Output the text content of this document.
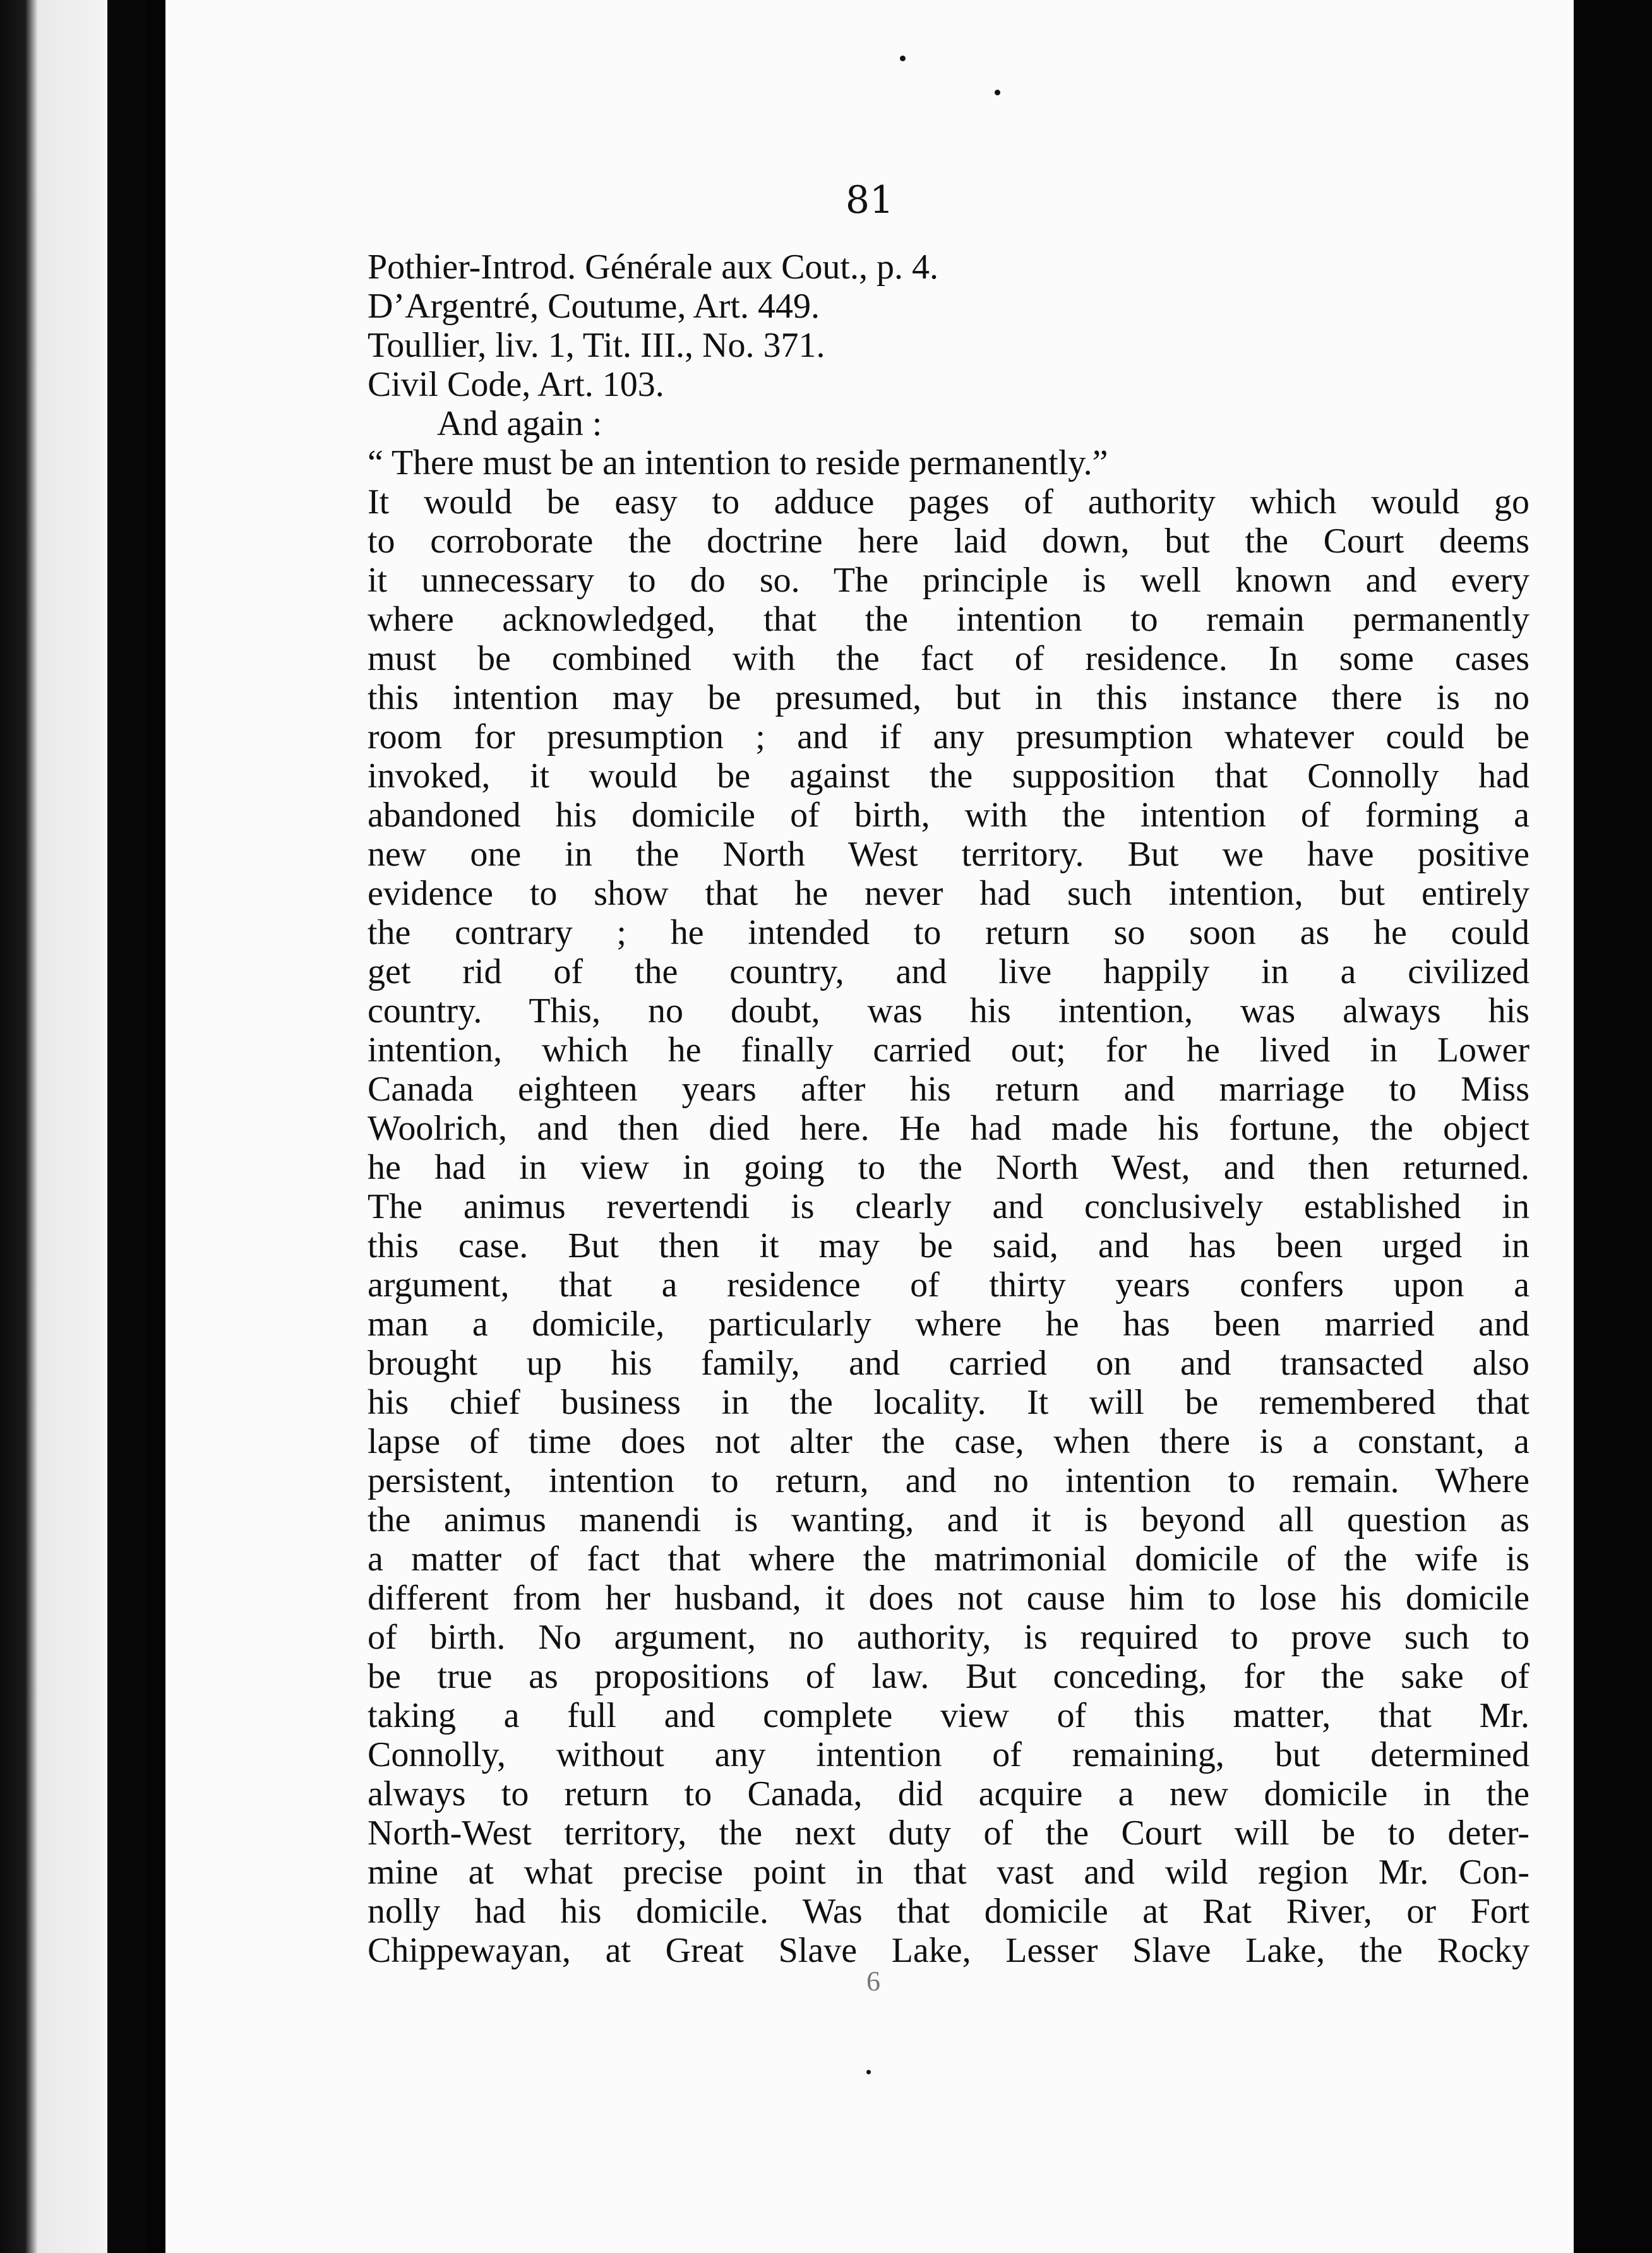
81
Pothier-Introd. Générale aux Cout., p. 4.
D’Argentré, Coutume, Art. 449.
Toullier, liv. 1, Tit. III., No. 371.
Civil Code, Art. 103.
And again :
“ There must be an intention to reside permanently.”
It would be easy to adduce pages of authority which would go
to corroborate the doctrine here laid down, but the Court deems
it unnecessary to do so. The principle is well known and every
where acknowledged, that the intention to remain permanently
must be combined with the fact of residence. In some cases
this intention may be presumed, but in this instance there is no
room for presumption ; and if any presumption whatever could be
invoked, it would be against the supposition that Connolly had
abandoned his domicile of birth, with the intention of forming a
new one in the North West territory. But we have positive
evidence to show that he never had such intention, but entirely
the contrary ; he intended to return so soon as he could
get rid of the country, and live happily in a civilized
country. This, no doubt, was his intention, was always his
intention, which he finally carried out; for he lived in Lower
Canada eighteen years after his return and marriage to Miss
Woolrich, and then died here. He had made his fortune, the object
he had in view in going to the North West, and then returned.
The animus revertendi is clearly and conclusively established in
this case. But then it may be said, and has been urged in
argument, that a residence of thirty years confers upon a
man a domicile, particularly where he has been married and
brought up his family, and carried on and transacted also
his chief business in the locality. It will be remembered that
lapse of time does not alter the case, when there is a constant, a
persistent, intention to return, and no intention to remain. Where
the animus manendi is wanting, and it is beyond all question as
a matter of fact that where the matrimonial domicile of the wife is
different from her husband, it does not cause him to lose his domicile
of birth. No argument, no authority, is required to prove such to
be true as propositions of law. But conceding, for the sake of
taking a full and complete view of this matter, that Mr.
Connolly, without any intention of remaining, but determined
always to return to Canada, did acquire a new domicile in the
North-West territory, the next duty of the Court will be to deter-
mine at what precise point in that vast and wild region Mr. Con-
nolly had his domicile. Was that domicile at Rat River, or Fort
Chippewayan, at Great Slave Lake, Lesser Slave Lake, the Rocky
6
